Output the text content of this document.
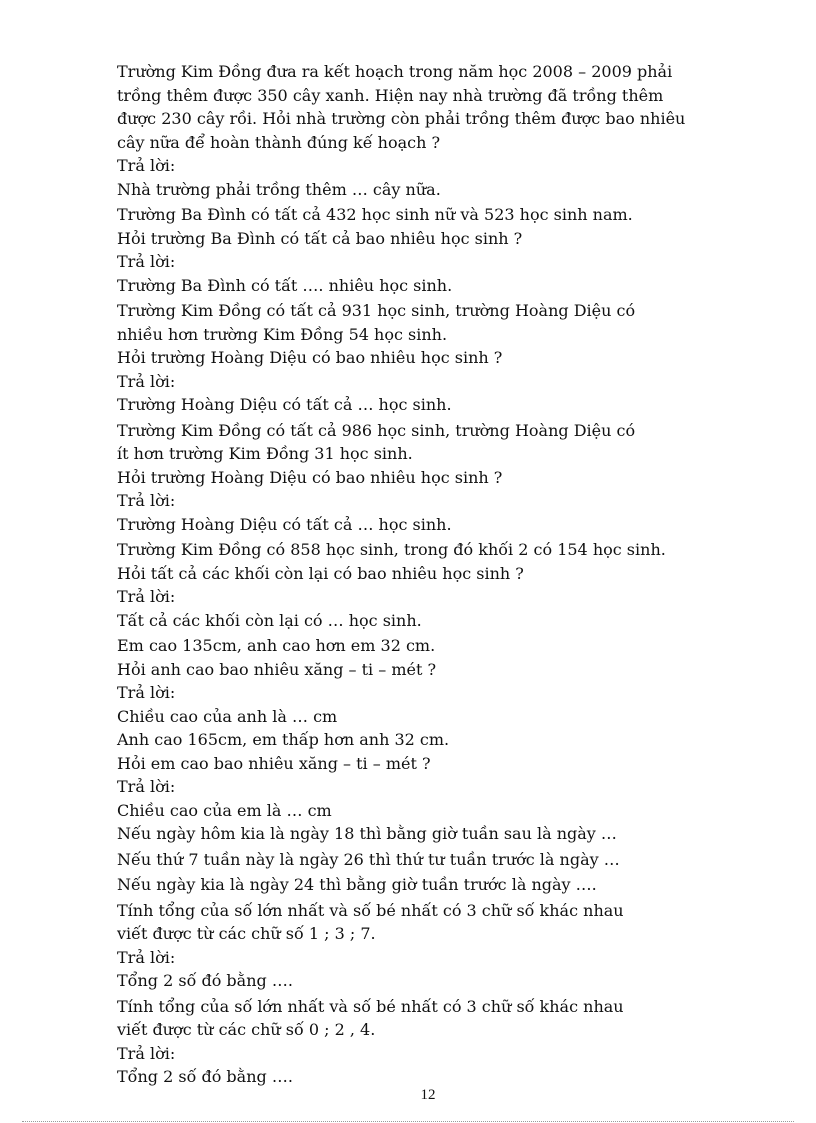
Trường Kim Đồng đưa ra kết hoạch trong năm học 2008 – 2009 phải
trồng thêm được 350 cây xanh. Hiện nay nhà trường đã trồng thêm
được 230 cây rồi. Hỏi nhà trường còn phải trồng thêm được bao nhiêu
cây nữa để hoàn thành đúng kế hoạch ?
Trả lời:
Nhà trường phải trồng thêm … cây nữa.
Trường Ba Đình có tất cả 432 học sinh nữ và 523 học sinh nam.
Hỏi trường Ba Đình có tất cả bao nhiêu học sinh ?
Trả lời:
Trường Ba Đình có tất …. nhiêu học sinh.
Trường Kim Đồng có tất cả 931 học sinh, trường Hoàng Diệu có
nhiều hơn trường Kim Đồng 54 học sinh.
Hỏi trường Hoàng Diệu có bao nhiêu học sinh ?
Trả lời:
Trường Hoàng Diệu có tất cả … học sinh.
Trường Kim Đồng có tất cả 986 học sinh, trường Hoàng Diệu có
ít hơn trường Kim Đồng 31 học sinh.
Hỏi trường Hoàng Diệu có bao nhiêu học sinh ?
Trả lời:
Trường Hoàng Diệu có tất cả … học sinh.
Trường Kim Đồng có 858 học sinh, trong đó khối 2 có 154 học sinh.
Hỏi tất cả các khối còn lại có bao nhiêu học sinh ?
Trả lời:
Tất cả các khối còn lại có … học sinh.
Em cao 135cm, anh cao hơn em 32 cm.
Hỏi anh cao bao nhiêu xăng – ti – mét ?
Trả lời:
Chiều cao của anh là … cm
Anh cao 165cm, em thấp hơn anh 32 cm.
Hỏi em cao bao nhiêu xăng – ti – mét ?
Trả lời:
Chiều cao của em là … cm
Nếu ngày hôm kia là ngày 18 thì bằng giờ tuần sau là ngày …
Nếu thứ 7 tuần này là ngày 26 thì thứ tư tuần trước là ngày …
Nếu ngày kia là ngày 24 thì bằng giờ tuần trước là ngày ….
Tính tổng của số lớn nhất và số bé nhất có 3 chữ số khác nhau
viết được từ các chữ số 1 ; 3 ; 7.
Trả lời:
Tổng 2 số đó bằng ….
Tính tổng của số lớn nhất và số bé nhất có 3 chữ số khác nhau
viết được từ các chữ số 0 ; 2 , 4.
Trả lời:
Tổng 2 số đó bằng ….
12
